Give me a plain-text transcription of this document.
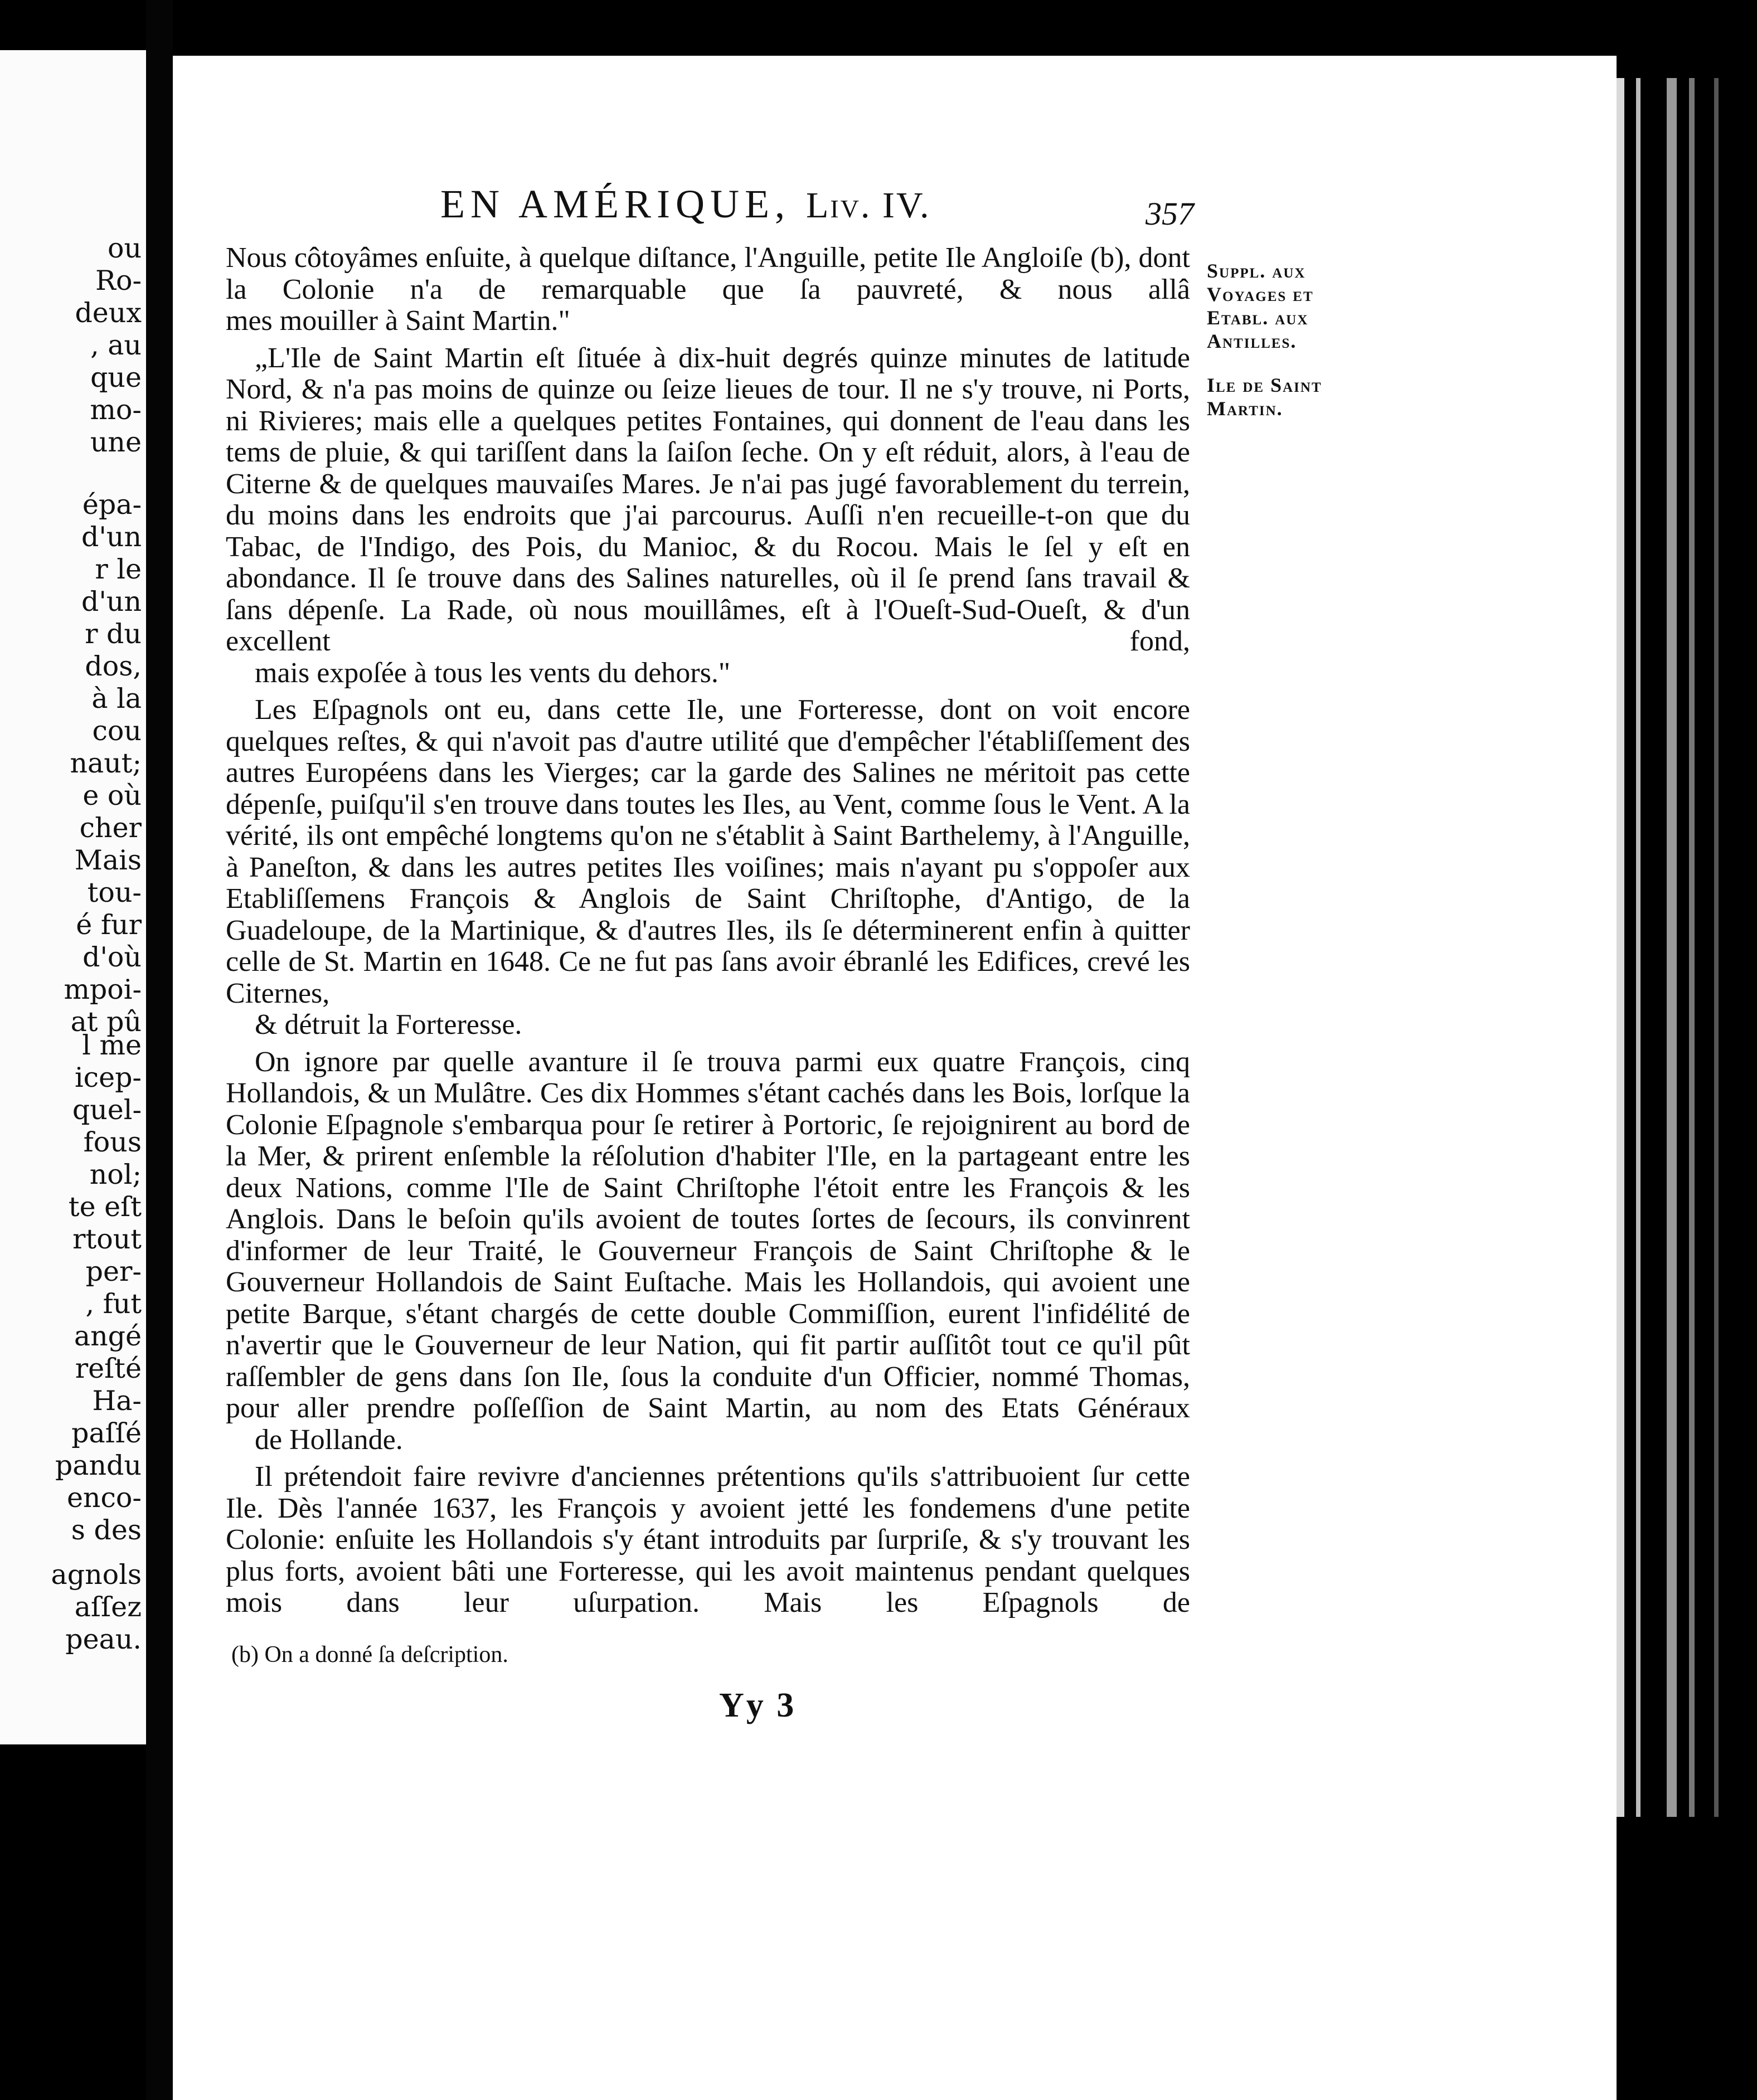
ou
Ro-
deux
, au
que
mo-
une
épa-
d'un
r le
d'un
r du
dos,
à la
cou
naut;
e où
cher
Mais
tou-
é fur
d'où
mpoi-
at pû
l me
icep-
quel-
fous
nol;
te eſt
rtout
per-
, fut
angé
reſté
Ha-
paſſé
pandu
enco-
s des
agnols
aſſez
peau.
EN AMÉRIQUE, Liv. IV.	357

Nous côtoyâmes enſuite, à quelque diſtance, l'Anguille, petite Ile Angloiſe (b), dont la Colonie n'a de remarquable que ſa pauvreté, & nous allâ
mes mouiller à Saint Martin."

„L'Ile de Saint Martin eſt ſituée à dix-huit degrés quinze minutes de latitude Nord, & n'a pas moins de quinze ou ſeize lieues de tour. Il ne s'y trouve, ni Ports, ni Rivieres; mais elle a quelques petites Fontaines, qui donnent de l'eau dans les tems de pluie, & qui tariſſent dans la ſaiſon ſeche. On y eſt réduit, alors, à l'eau de Citerne & de quelques mauvaiſes Mares. Je n'ai pas jugé favorablement du terrein, du moins dans les endroits que j'ai parcourus. Auſſi n'en recueille-t-on que du Tabac, de l'Indigo, des Pois, du Manioc, & du Rocou. Mais le ſel y eſt en abondance. Il ſe trouve dans des Salines naturelles, où il ſe prend ſans travail & ſans dépenſe. La Rade, où nous mouillâmes, eſt à l'Oueſt-Sud-Oueſt, & d'un excellent fond,
mais expoſée à tous les vents du dehors."

Les Eſpagnols ont eu, dans cette Ile, une Forteresse, dont on voit encore quelques reſtes, & qui n'avoit pas d'autre utilité que d'empêcher l'établiſſement des autres Européens dans les Vierges; car la garde des Salines ne méritoit pas cette dépenſe, puiſqu'il s'en trouve dans toutes les Iles, au Vent, comme ſous le Vent. A la vérité, ils ont empêché longtems qu'on ne s'établit à Saint Barthelemy, à l'Anguille, à Paneſton, & dans les autres petites Iles voiſines; mais n'ayant pu s'oppoſer aux Etabliſſemens François & Anglois de Saint Chriſtophe, d'Antigo, de la Guadeloupe, de la Martinique, & d'autres Iles, ils ſe déterminerent enfin à quitter celle de St. Martin en 1648. Ce ne fut pas ſans avoir ébranlé les Edifices, crevé les Citernes,
& détruit la Forteresse.

On ignore par quelle avanture il ſe trouva parmi eux quatre François, cinq Hollandois, & un Mulâtre. Ces dix Hommes s'étant cachés dans les Bois, lorſque la Colonie Eſpagnole s'embarqua pour ſe retirer à Portoric, ſe rejoignirent au bord de la Mer, & prirent enſemble la réſolution d'habiter l'Ile, en la partageant entre les deux Nations, comme l'Ile de Saint Chriſtophe l'étoit entre les François & les Anglois. Dans le beſoin qu'ils avoient de toutes ſortes de ſecours, ils convinrent d'informer de leur Traité, le Gouverneur François de Saint Chriſtophe & le Gouverneur Hollandois de Saint Euſtache. Mais les Hollandois, qui avoient une petite Barque, s'étant chargés de cette double Commiſſion, eurent l'infidélité de n'avertir que le Gouverneur de leur Nation, qui fit partir auſſitôt tout ce qu'il pût raſſembler de gens dans ſon Ile, ſous la conduite d'un Officier, nommé Thomas, pour aller prendre poſſeſſion de Saint Martin, au nom des Etats Généraux
de Hollande.

Il prétendoit faire revivre d'anciennes prétentions qu'ils s'attribuoient ſur cette Ile. Dès l'année 1637, les François y avoient jetté les fondemens d'une petite Colonie: enſuite les Hollandois s'y étant introduits par ſurpriſe, & s'y trouvant les plus forts, avoient bâti une Forteresse, qui les avoit maintenus pendant quelques mois dans leur uſurpation. Mais les Eſpagnols de

Suppl. aux
Voyages et
Etabl. aux
Antilles.
Ile de Saint
Martin.
(b) On a donné ſa deſcription.
Yy 3
